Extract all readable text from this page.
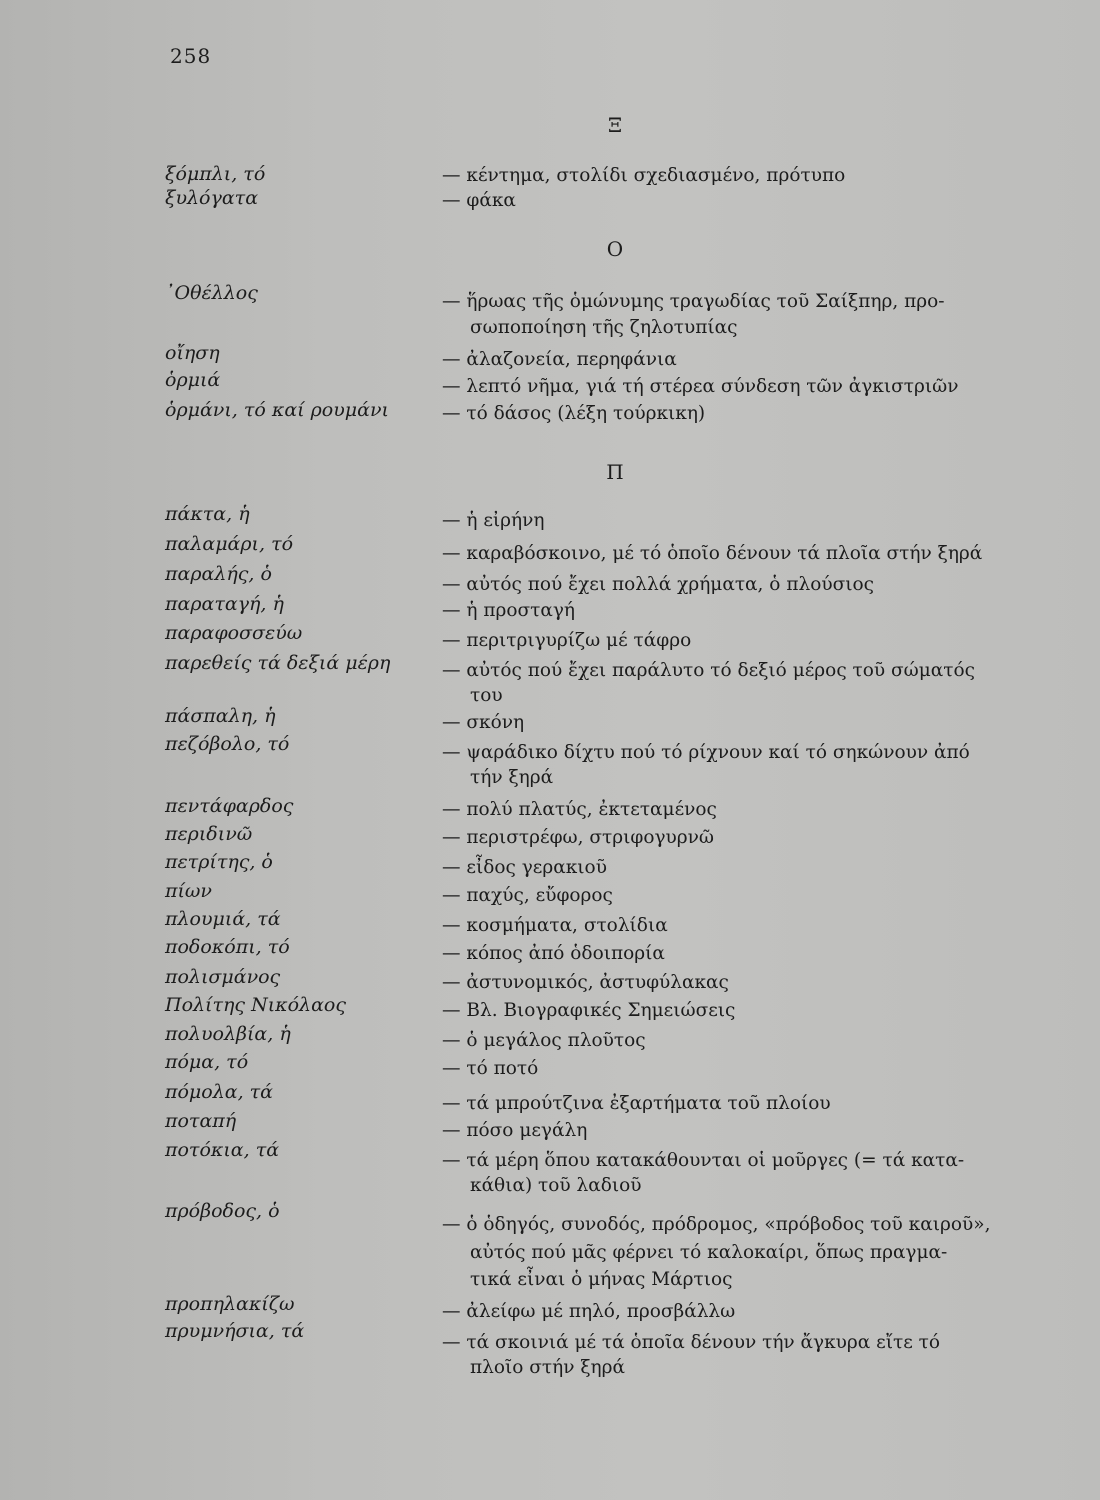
258
Ξ
ξόμπλι, τό	— κέντημα, στολίδι σχεδιασμένο, πρότυπο
ξυλόγατα	— φάκα
O
᾿Οθέλλος	— ἥρωας τῆς ὁμώνυμης τραγωδίας τοῦ Σαίξπηρ, προ-
σωποποίηση τῆς ζηλοτυπίας
οἴηση	— ἀλαζονεία, περηφάνια
ὁρμιά	— λεπτό νῆμα, γιά τή στέρεα σύνδεση τῶν ἀγκιστριῶν
ὁρμάνι, τό καί ρουμάνι	— τό δάσος (λέξη τούρκικη)
Π
πάκτα, ἡ	— ἡ εἰρήνη
παλαμάρι, τό	— καραβόσκοινο, μέ τό ὁποῖο δένουν τά πλοῖα στήν ξηρά
παραλής, ὁ	— αὐτός πού ἔχει πολλά χρήματα, ὁ πλούσιος
παραταγή, ἡ	— ἡ προσταγή
παραφοσσεύω	— περιτριγυρίζω μέ τάφρο
παρεθείς τά δεξιά μέρη	— αὐτός πού ἔχει παράλυτο τό δεξιό μέρος τοῦ σώματός
του
πάσπαλη, ἡ	— σκόνη
πεζόβολο, τό	— ψαράδικο δίχτυ πού τό ρίχνουν καί τό σηκώνουν ἀπό
τήν ξηρά
πεντάφαρδος	— πολύ πλατύς, ἐκτεταμένος
περιδινῶ	— περιστρέφω, στριφογυρνῶ
πετρίτης, ὁ	— εἶδος γερακιοῦ
πίων	— παχύς, εὔφορος
πλουμιά, τά	— κοσμήματα, στολίδια
ποδοκόπι, τό	— κόπος ἀπό ὁδοιπορία
πολισμάνος	— ἀστυνομικός, ἀστυφύλακας
Πολίτης Νικόλαος	— Βλ. Βιογραφικές Σημειώσεις
πολυολβία, ἡ	— ὁ μεγάλος πλοῦτος
πόμα, τό	— τό ποτό
πόμολα, τά
— τά μπρούτζινα ἐξαρτήματα τοῦ πλοίου
ποταπή	— πόσο μεγάλη
ποτόκια, τά	— τά μέρη ὅπου κατακάθουνται οἱ μοῦργες (= τά κατα-
κάθια) τοῦ λαδιοῦ
πρόβοδος, ὁ
— ὁ ὁδηγός, συνοδός, πρόδρομος, «πρόβοδος τοῦ καιροῦ»,
αὐτός πού μᾶς φέρνει τό καλοκαίρι, ὅπως πραγμα-
τικά εἶναι ὁ μήνας Μάρτιος
προπηλακίζω	— ἀλείφω μέ πηλό, προσβάλλω
πρυμνήσια, τά
— τά σκοινιά μέ τά ὁποῖα δένουν τήν ἄγκυρα εἴτε τό
πλοῖο στήν ξηρά
